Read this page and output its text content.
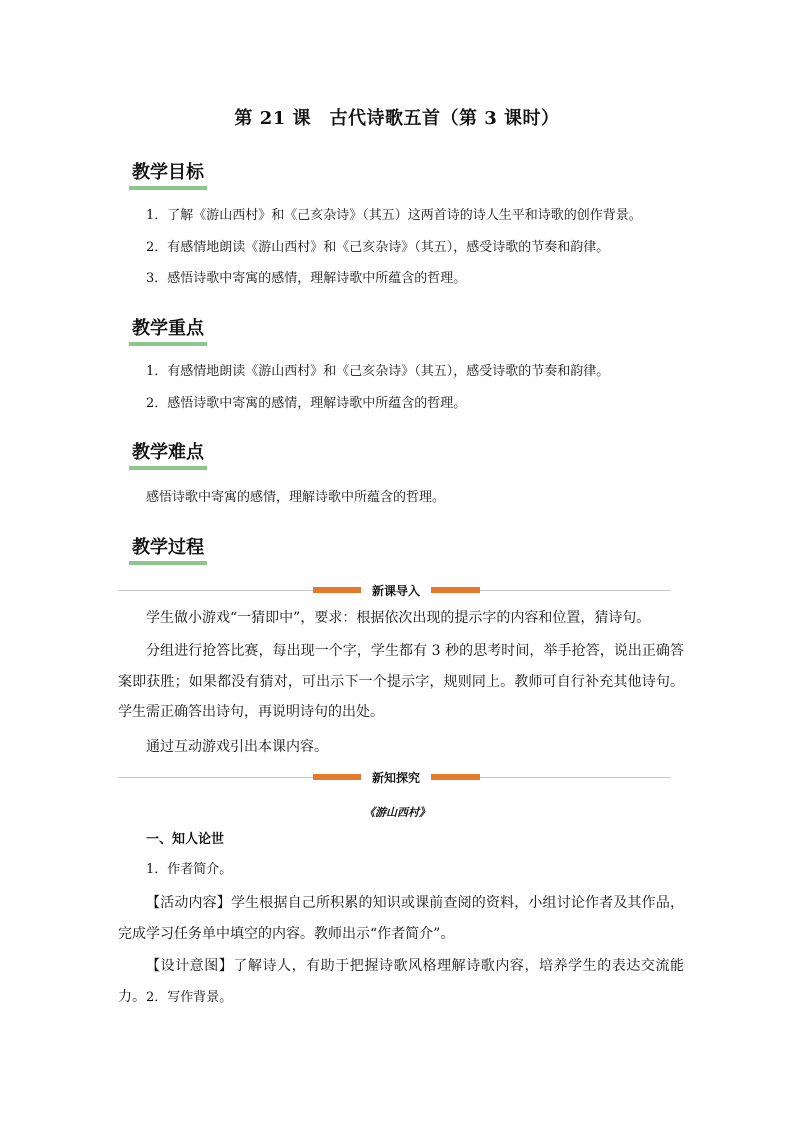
第 21 课　古代诗歌五首（第 3 课时）
教学目标
1．了解《游山西村》和《己亥杂诗》（其五）这两首诗的诗人生平和诗歌的创作背景。
2．有感情地朗读《游山西村》和《己亥杂诗》（其五），感受诗歌的节奏和韵律。
3．感悟诗歌中寄寓的感情，理解诗歌中所蕴含的哲理。
教学重点
1．有感情地朗读《游山西村》和《己亥杂诗》（其五），感受诗歌的节奏和韵律。
2．感悟诗歌中寄寓的感情，理解诗歌中所蕴含的哲理。
教学难点
感悟诗歌中寄寓的感情，理解诗歌中所蕴含的哲理。
教学过程
新课导入
学生做小游戏“一猜即中”，要求：根据依次出现的提示字的内容和位置，猜诗句。
分组进行抢答比赛，每出现一个字，学生都有 3 秒的思考时间，举手抢答，说出正确答案即获胜；如果都没有猜对，可出示下一个提示字，规则同上。教师可自行补充其他诗句。学生需正确答出诗句，再说明诗句的出处。
通过互动游戏引出本课内容。
新知探究
《游山西村》
一、知人论世
1．作者简介。
【活动内容】学生根据自己所积累的知识或课前查阅的资料，小组讨论作者及其作品，完成学习任务单中填空的内容。教师出示“作者简介”。
【设计意图】了解诗人，有助于把握诗歌风格理解诗歌内容，培养学生的表达交流能力。 2．写作背景。
